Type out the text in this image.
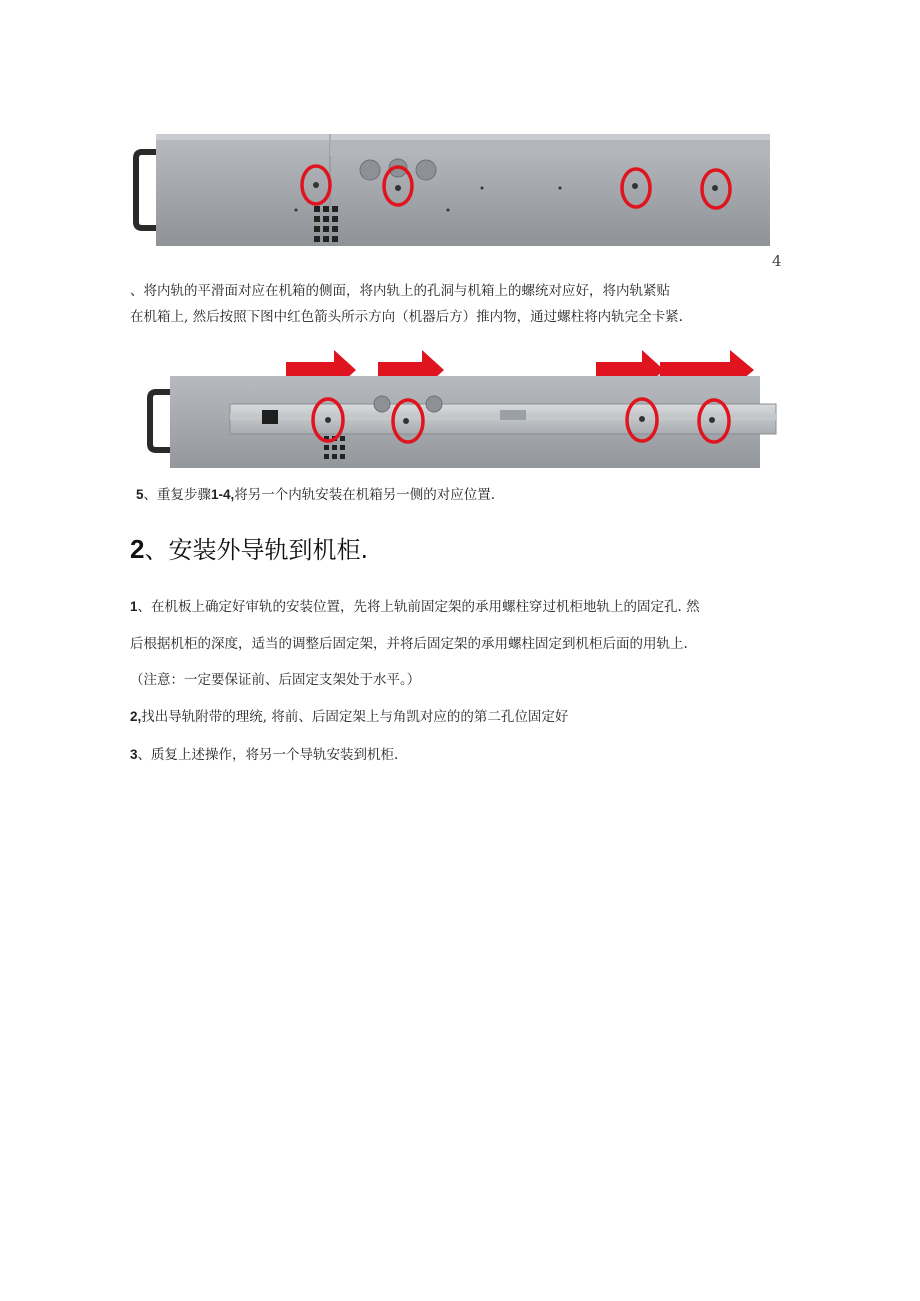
4
、将内轨的平滑面对应在机箱的侧面，将内轨上的孔洞与机箱上的螺统对应好，将内轨紧贴
在机箱上, 然后按照下图中红色箭头所示方向（机器后方）推内物，通过螺柱将内轨完全卡紧.
5、重复步骤1-4,将另一个内轨安装在机箱另一侧的对应位置.
2、安装外导轨到机柜.
1、在机板上确定好审轨的安装位置，先将上轨前固定架的承用螺柱穿过机柜地轨上的固定孔. 然
后根据机柜的深度，适当的调整后固定架，并将后固定架的承用螺柱固定到机柜后面的用轨上.
（注意：一定要保证前、后固定支架处于水平。）
2,找出导轨附带的理统, 将前、后固定架上与角凯对应的的第二孔位固定好
3、质复上述操作，将另一个导轨安装到机柜.
